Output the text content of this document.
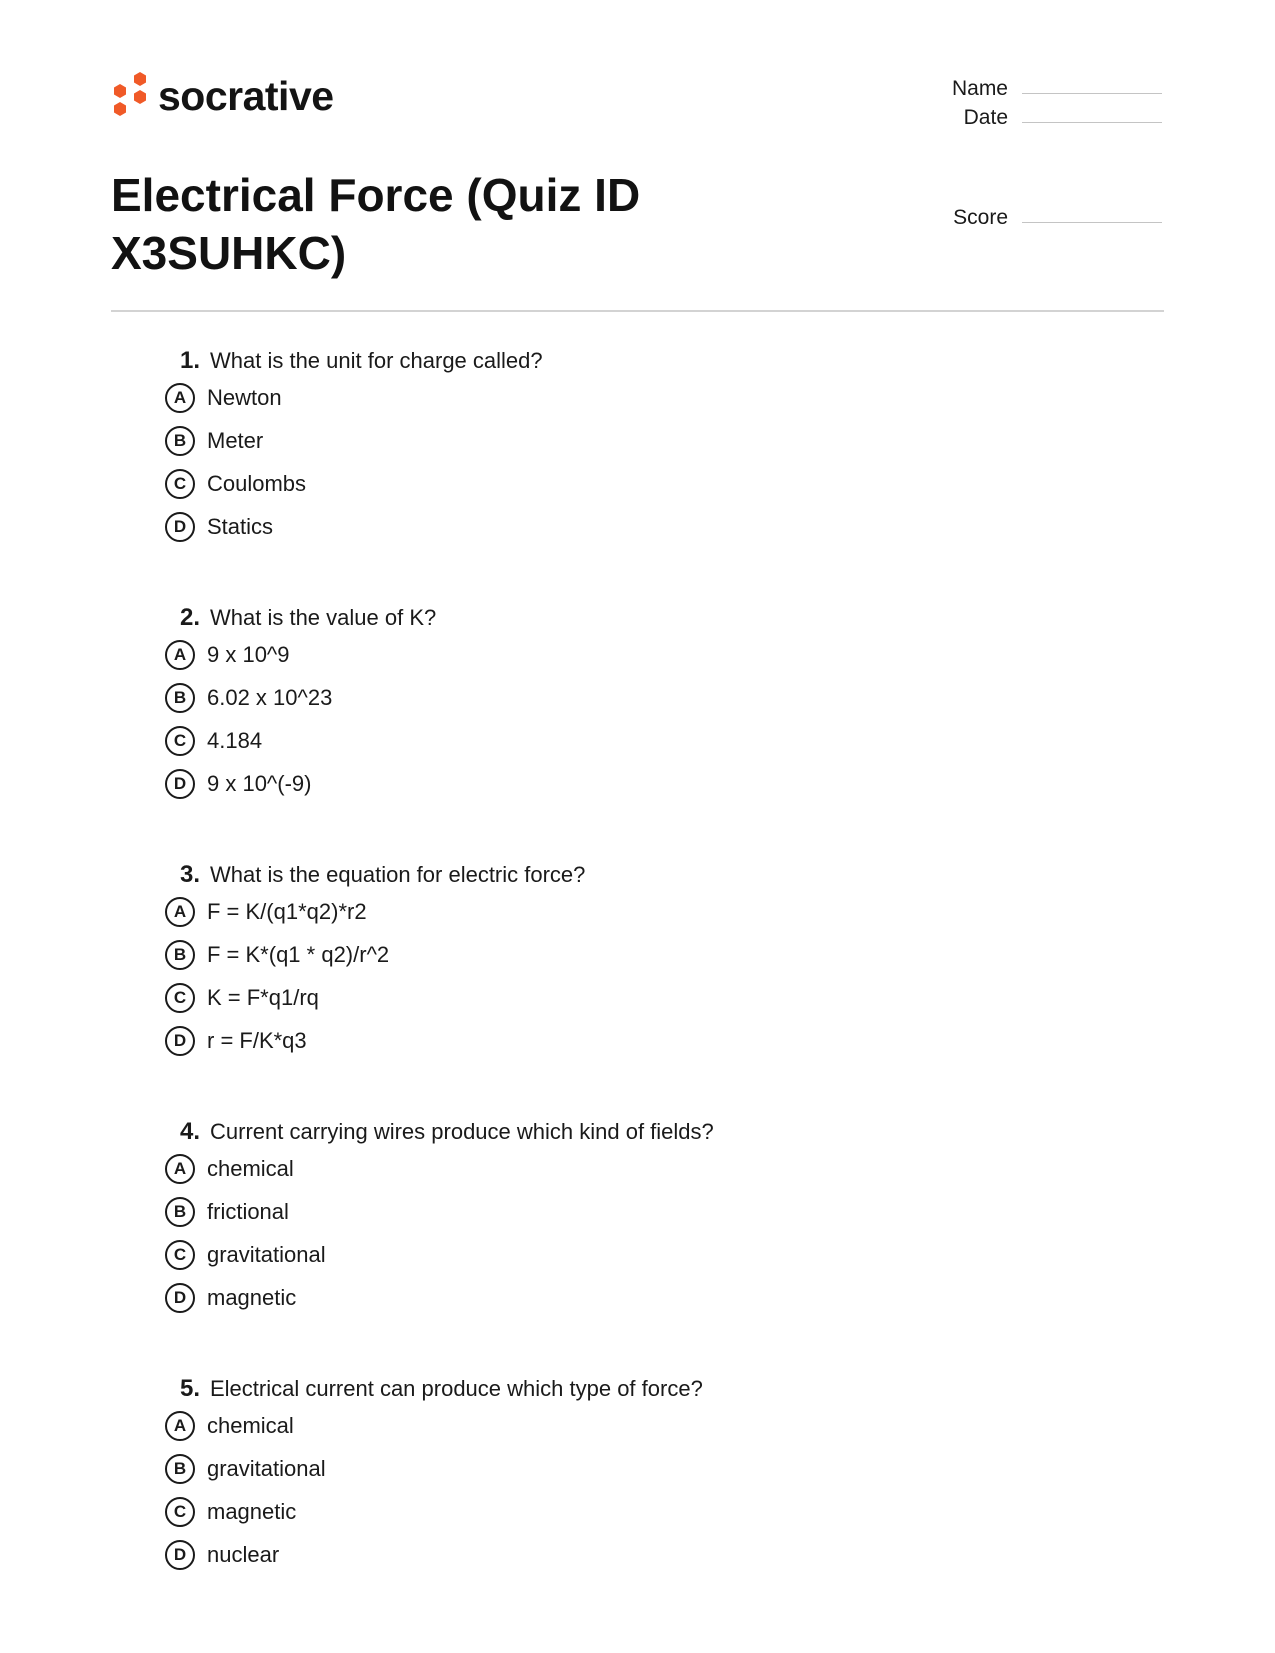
socrative	Name
Date
Score
Electrical Force (Quiz ID X3SUHKC)
1. What is the unit for charge called?
A Newton
B Meter
C Coulombs
D Statics
2. What is the value of K?
A 9 x 10^9
B 6.02 x 10^23
C 4.184
D 9 x 10^(-9)
3. What is the equation for electric force?
A F = K/(q1*q2)*r2
B F = K*(q1 * q2)/r^2
C K = F*q1/rq
D r = F/K*q3
4. Current carrying wires produce which kind of fields?
A chemical
B frictional
C gravitational
D magnetic
5. Electrical current can produce which type of force?
A chemical
B gravitational
C magnetic
D nuclear
